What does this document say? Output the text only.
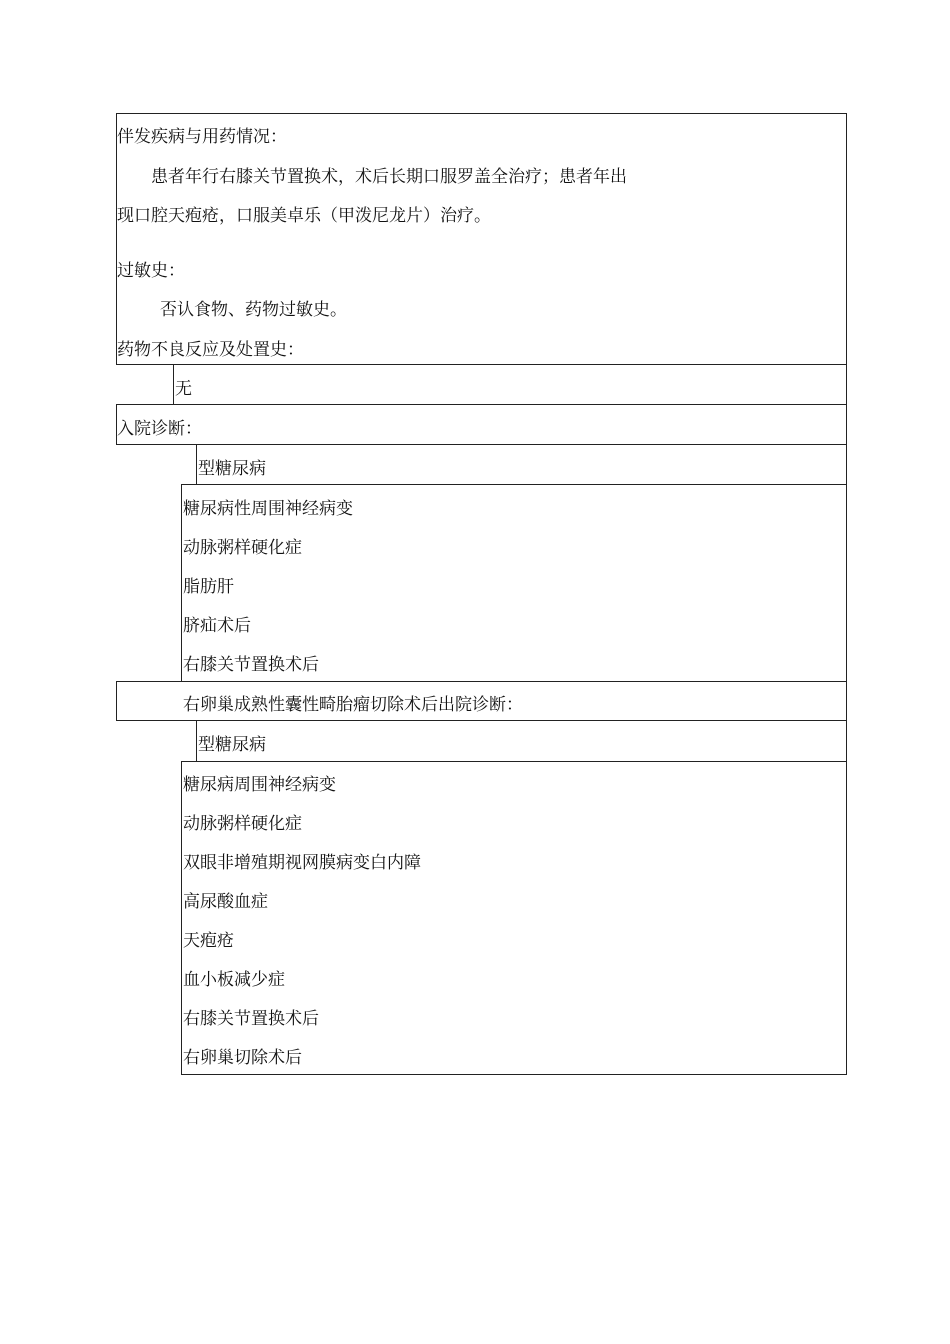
伴发疾病与用药情况：
患者年行右膝关节置换术，术后长期口服罗盖全治疗；患者年出
现口腔天疱疮，口服美卓乐（甲泼尼龙片）治疗。
过敏史：
否认食物、药物过敏史。
药物不良反应及处置史：
无
入院诊断：
型糖尿病
糖尿病性周围神经病变
动脉粥样硬化症
脂肪肝
脐疝术后
右膝关节置换术后
右卵巢成熟性囊性畸胎瘤切除术后出院诊断：
型糖尿病
糖尿病周围神经病变
动脉粥样硬化症
双眼非增殖期视网膜病变白内障
高尿酸血症
天疱疮
血小板减少症
右膝关节置换术后
右卵巢切除术后
